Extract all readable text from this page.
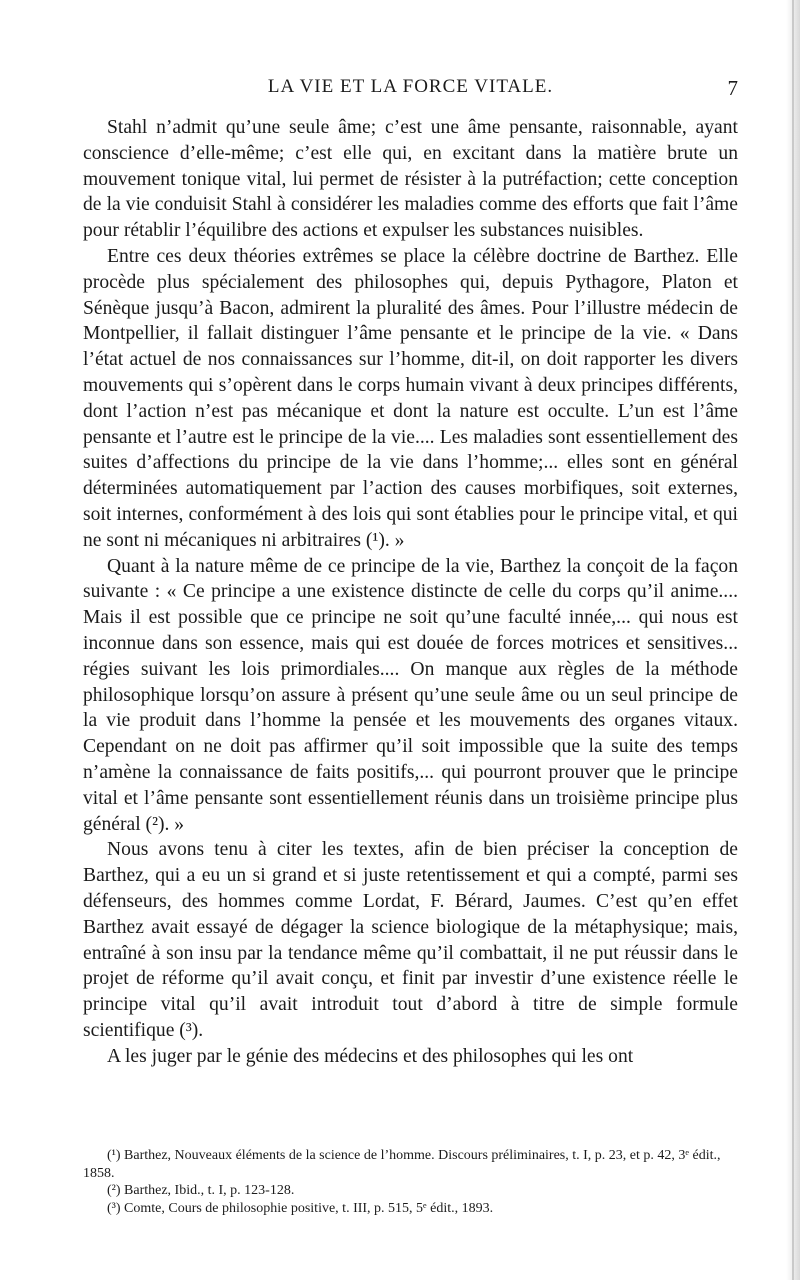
LA VIE ET LA FORCE VITALE.	7

Stahl n’admit qu’une seule âme; c’est une âme pensante, raisonnable, ayant conscience d’elle-même; c’est elle qui, en excitant dans la matière brute un mouvement tonique vital, lui permet de résister à la putréfaction; cette conception de la vie conduisit Stahl à considérer les maladies comme des efforts que fait l’âme pour rétablir l’équilibre des actions et expulser les substances nuisibles.

Entre ces deux théories extrêmes se place la célèbre doctrine de Barthez. Elle procède plus spécialement des philosophes qui, depuis Pythagore, Platon et Sénèque jusqu’à Bacon, admirent la pluralité des âmes. Pour l’illustre médecin de Montpellier, il fallait distinguer l’âme pensante et le principe de la vie. « Dans l’état actuel de nos connaissances sur l’homme, dit-il, on doit rapporter les divers mouvements qui s’opèrent dans le corps humain vivant à deux principes différents, dont l’action n’est pas mécanique et dont la nature est occulte. L’un est l’âme pensante et l’autre est le principe de la vie.... Les maladies sont essentiellement des suites d’affections du principe de la vie dans l’homme;... elles sont en général déterminées automatiquement par l’action des causes morbifiques, soit externes, soit internes, conformément à des lois qui sont établies pour le principe vital, et qui ne sont ni mécaniques ni arbitraires (¹). »

Quant à la nature même de ce principe de la vie, Barthez la conçoit de la façon suivante : « Ce principe a une existence distincte de celle du corps qu’il anime.... Mais il est possible que ce principe ne soit qu’une faculté innée,... qui nous est inconnue dans son essence, mais qui est douée de forces motrices et sensitives... régies suivant les lois primordiales.... On manque aux règles de la méthode philosophique lorsqu’on assure à présent qu’une seule âme ou un seul principe de la vie produit dans l’homme la pensée et les mouvements des organes vitaux. Cependant on ne doit pas affirmer qu’il soit impossible que la suite des temps n’amène la connaissance de faits positifs,... qui pourront prouver que le principe vital et l’âme pensante sont essentiellement réunis dans un troisième principe plus général (²). »

Nous avons tenu à citer les textes, afin de bien préciser la conception de Barthez, qui a eu un si grand et si juste retentissement et qui a compté, parmi ses défenseurs, des hommes comme Lordat, F. Bérard, Jaumes. C’est qu’en effet Barthez avait essayé de dégager la science biologique de la métaphysique; mais, entraîné à son insu par la tendance même qu’il combattait, il ne put réussir dans le projet de réforme qu’il avait conçu, et finit par investir d’une existence réelle le principe vital qu’il avait introduit tout d’abord à titre de simple formule scientifique (³).

A les juger par le génie des médecins et des philosophes qui les ont

(¹) Barthez, Nouveaux éléments de la science de l’homme. Discours préliminaires, t. I, p. 23, et p. 42, 3ᵉ édit., 1858.

(²) Barthez, Ibid., t. I, p. 123-128.

(³) Comte, Cours de philosophie positive, t. III, p. 515, 5ᵉ édit., 1893.
